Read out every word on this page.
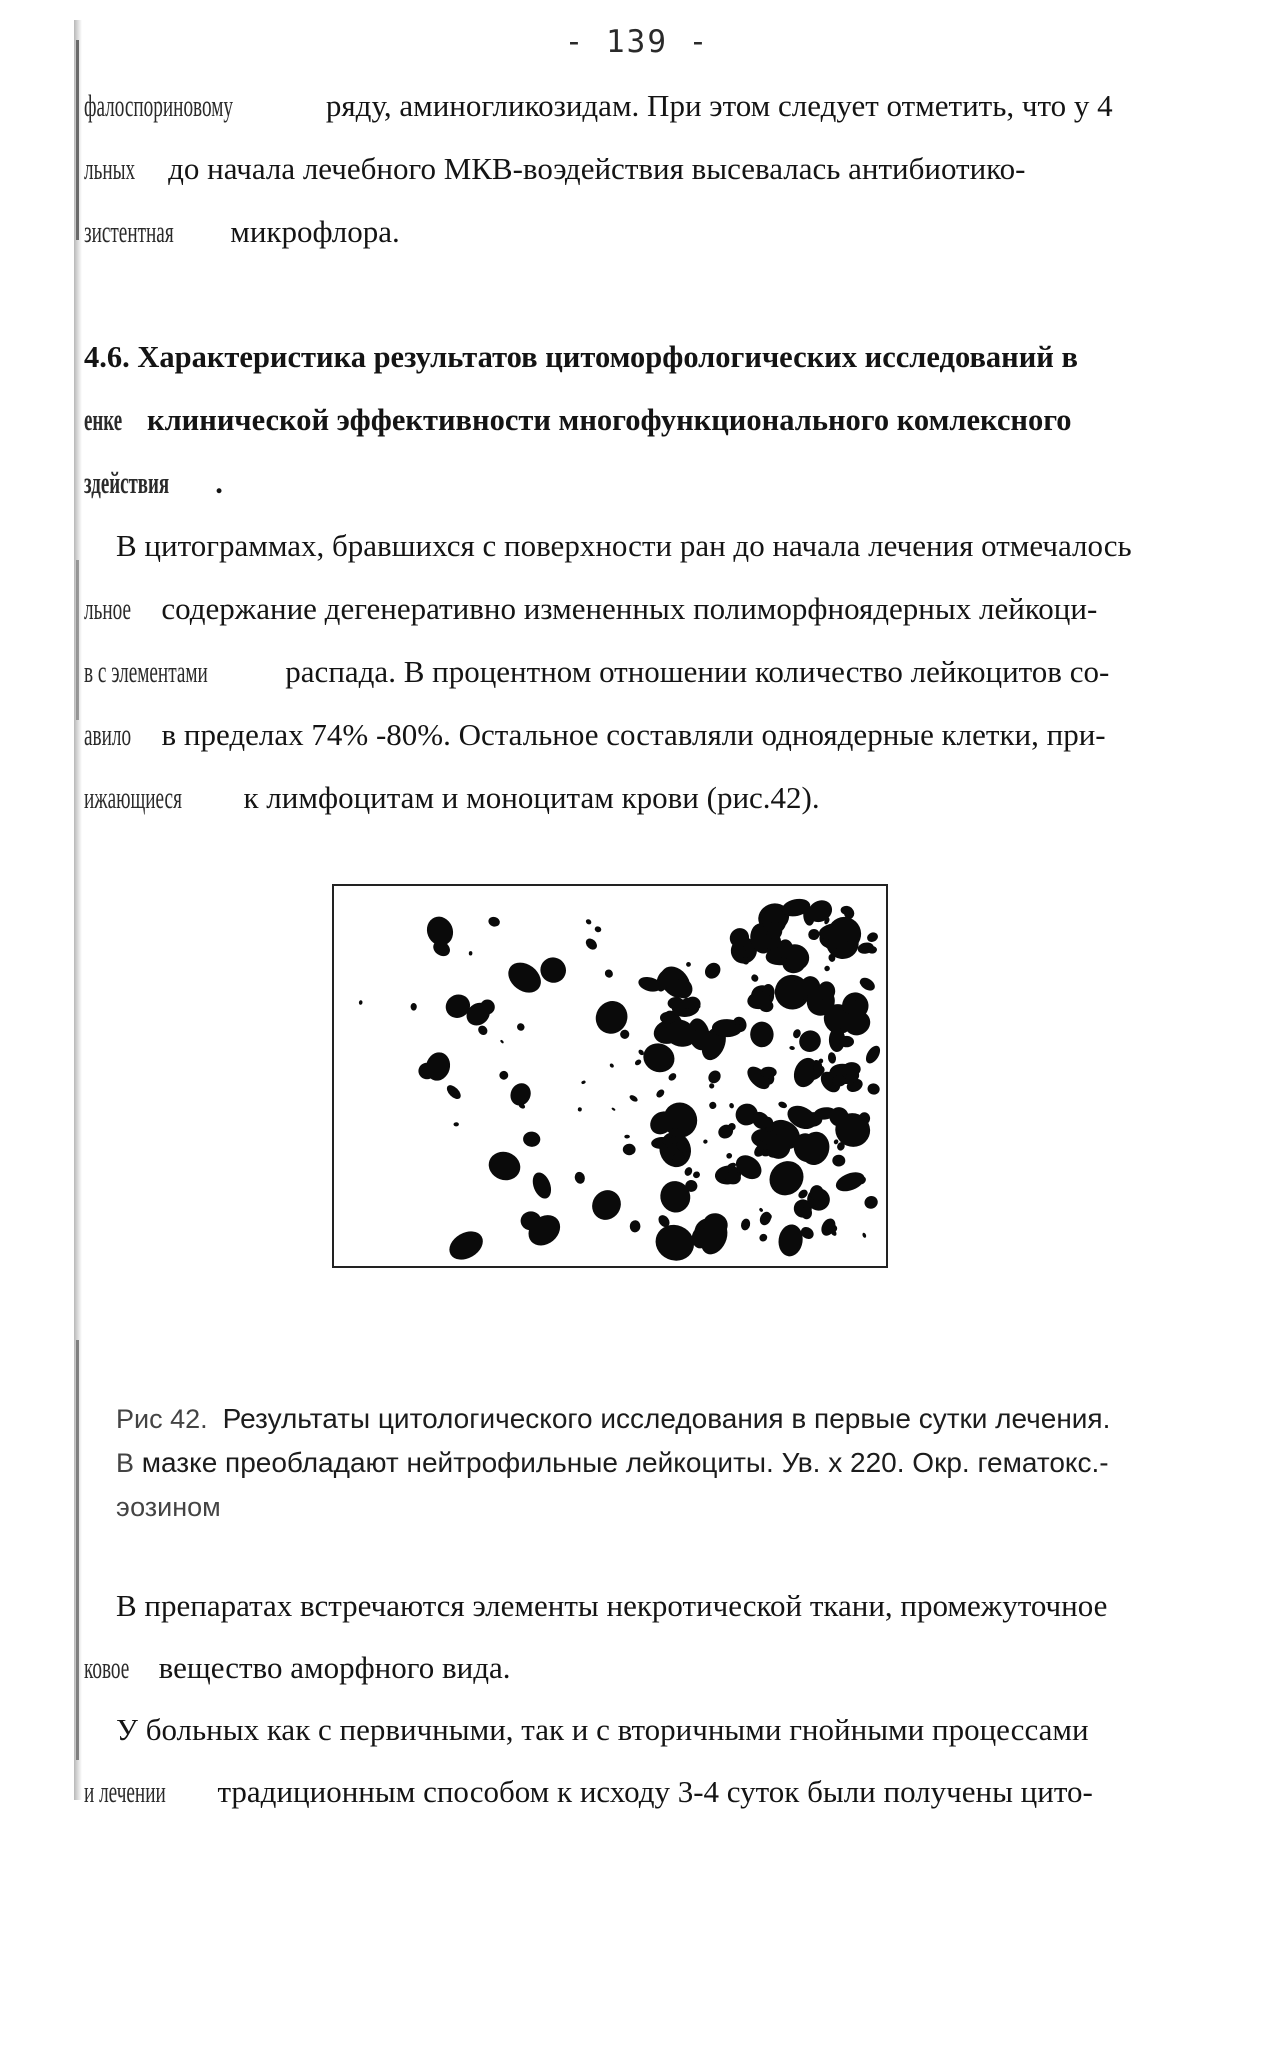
- 139 -
фалоспориновому	ряду, аминогликозидам. При этом следует отметить, что у 4
льных до начала лечебного МКВ-воэдействия высевалась антибиотико-
зистентная микрофлора.
4.6. Характеристика результатов цитоморфологических исследований в
енке клинической эффективности многофункционального комлексного
здействия .
В цитограммах, бравшихся с поверхности ран до начала лечения отмечалось
льное содержание дегенеративно измененных полиморфноядерных лейкоци-
в с элементами распада. В процентном отношении количество лейкоцитов со-
авило в пределах 74% -80%. Остальное составляли одноядерные клетки, при-
ижающиеся к лимфоцитам и моноцитам крови (рис.42).
Рис 42. Результаты цитологического исследования в первые сутки лечения.
В мазке преобладают нейтрофильные лейкоциты. Ув. х 220. Окр. гематокс.-
эозином
В препаратах встречаются элементы некротической ткани, промежуточное
ковое вещество аморфного вида.
У больных как с первичными, так и с вторичными гнойными процессами
и лечении традиционным способом к исходу 3-4 суток были получены цито-
